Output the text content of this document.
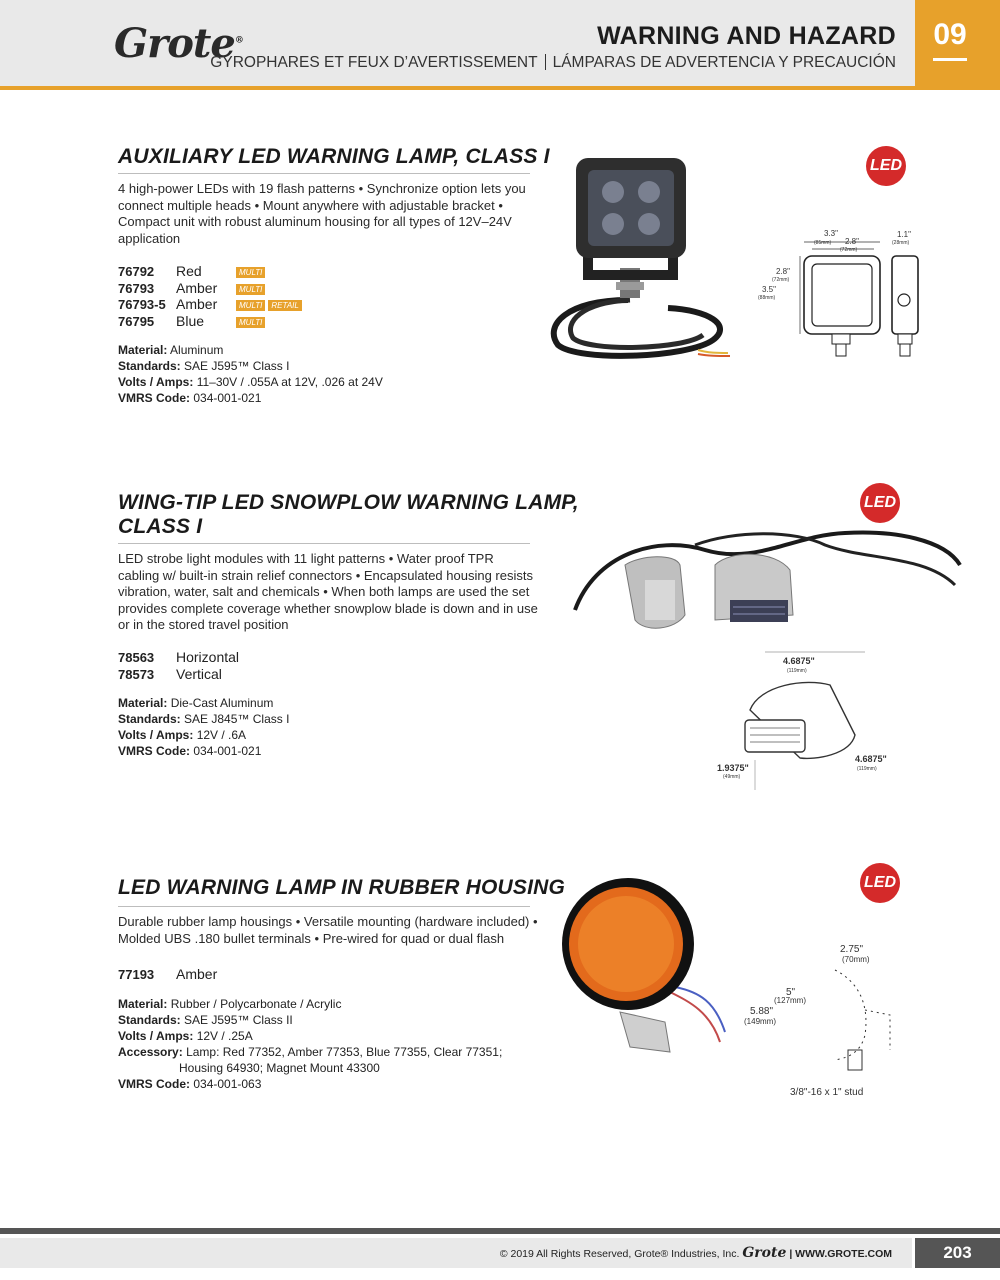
Grote®	WARNING AND HAZARD
GYROPHARES ET FEUX D’AVERTISSEMENT LÁMPARAS DE ADVERTENCIA Y PRECAUCIÓN
09
AUXILIARY LED WARNING LAMP, CLASS I
4 high-power LEDs with 19 flash patterns • Synchronize option lets you connect multiple heads • Mount anywhere with adjustable bracket • Compact unit with robust aluminum housing for all types of 12V–24V application
76792 Red	MULTI
76793 Amber	MULTI
76793-5 Amber	MULTI RETAIL
76795 Blue	MULTI
Material: Aluminum
Standards: SAE J595™ Class I
Volts / Amps: 11–30V / .055A at 12V, .026 at 24V
VMRS Code: 034-001-021
LED
3.3"
(85mm) 2.8"
(72mm)
1.1"
(28mm)
2.8"
(72mm)
3.5"
(88mm)
WING-TIP LED SNOWPLOW WARNING LAMP,
CLASS I
LED strobe light modules with 11 light patterns • Water proof TPR cabling w/ built-in strain relief connectors • Encapsulated housing resists vibration, water, salt and chemicals • When both lamps are used the set provides complete coverage whether snowplow blade is down and in use or in the stored travel position
78563 Horizontal
78573 Vertical
Material: Die-Cast Aluminum
Standards: SAE J845™ Class I
Volts / Amps: 12V / .6A
VMRS Code: 034-001-021
LED
4.6875"
(119mm)
4.6875"
(119mm)
1.9375"
(49mm)
LED WARNING LAMP IN RUBBER HOUSING
Durable rubber lamp housings • Versatile mounting (hardware included) • Molded UBS .180 bullet terminals • Pre-wired for quad or dual flash
77193 Amber
Material: Rubber / Polycarbonate / Acrylic
Standards: SAE J595™ Class II
Volts / Amps: 12V / .25A
Accessory: Lamp: Red 77352, Amber 77353, Blue 77355, Clear 77351;
Housing 64930; Magnet Mount 43300
VMRS Code: 034-001-063
LED
2.75"
(70mm)
5"
(127mm)
5.88"
(149mm)
3/8"-16 x 1" stud
© 2019 All Rights Reserved, Grote® Industries, Inc. Grote | WWW.GROTE.COM	203
